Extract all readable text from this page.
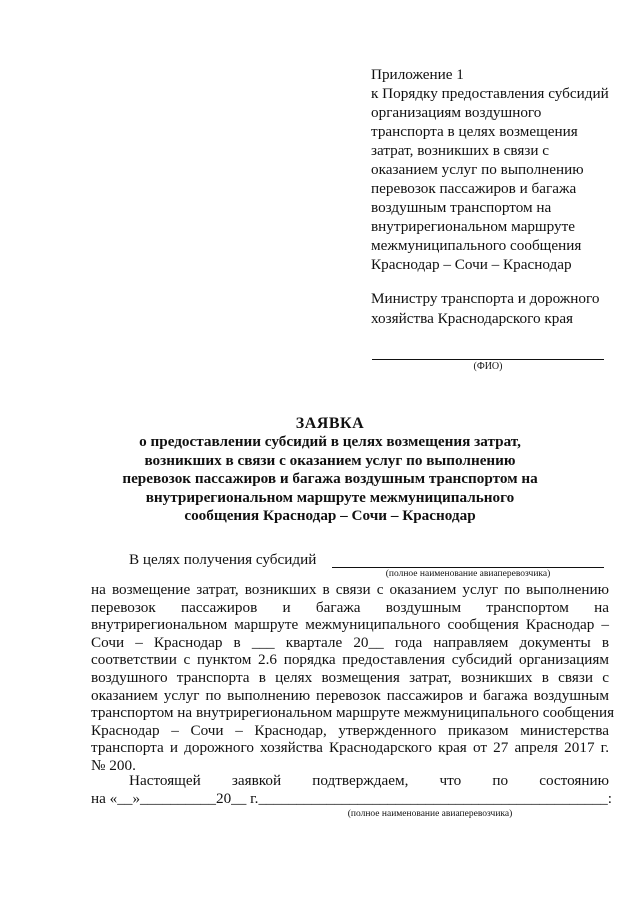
Приложение 1
к Порядку предоставления субсидий
организациям воздушного
транспорта в целях возмещения
затрат, возникших в связи с
оказанием услуг по выполнению
перевозок пассажиров и багажа
воздушным транспортом на
внутрирегиональном маршруте
межмуниципального сообщения
Краснодар – Сочи – Краснодар
Министру транспорта и дорожного
хозяйства Краснодарского края
(ФИО)
ЗАЯВКА
о предоставлении субсидий в целях возмещения затрат,
возникших в связи с оказанием услуг по выполнению
перевозок пассажиров и багажа воздушным транспортом на
внутрирегиональном маршруте межмуниципального
сообщения Краснодар – Сочи – Краснодар
В целях получения субсидий
(полное наименование авиаперевозчика)
на возмещение затрат, возникших в связи с оказанием услуг по выполнению
перевозок пассажиров и багажа воздушным транспортом на
внутрирегиональном маршруте межмуниципального сообщения Краснодар –
Сочи – Краснодар в ___ квартале 20__ года направляем документы в
соответствии с пунктом 2.6 порядка предоставления субсидий организациям
воздушного транспорта в целях возмещения затрат, возникших в связи с
оказанием услуг по выполнению перевозок пассажиров и багажа воздушным
транспортом на внутрирегиональном маршруте межмуниципального сообщения
Краснодар – Сочи – Краснодар, утвержденного приказом министерства
транспорта и дорожного хозяйства Краснодарского края от 27 апреля 2017 г.
№ 200.
Настоящей заявкой подтверждаем, что по состоянию
на «__»__________20__ г.______________________________________________:
(полное наименование авиаперевозчика)
